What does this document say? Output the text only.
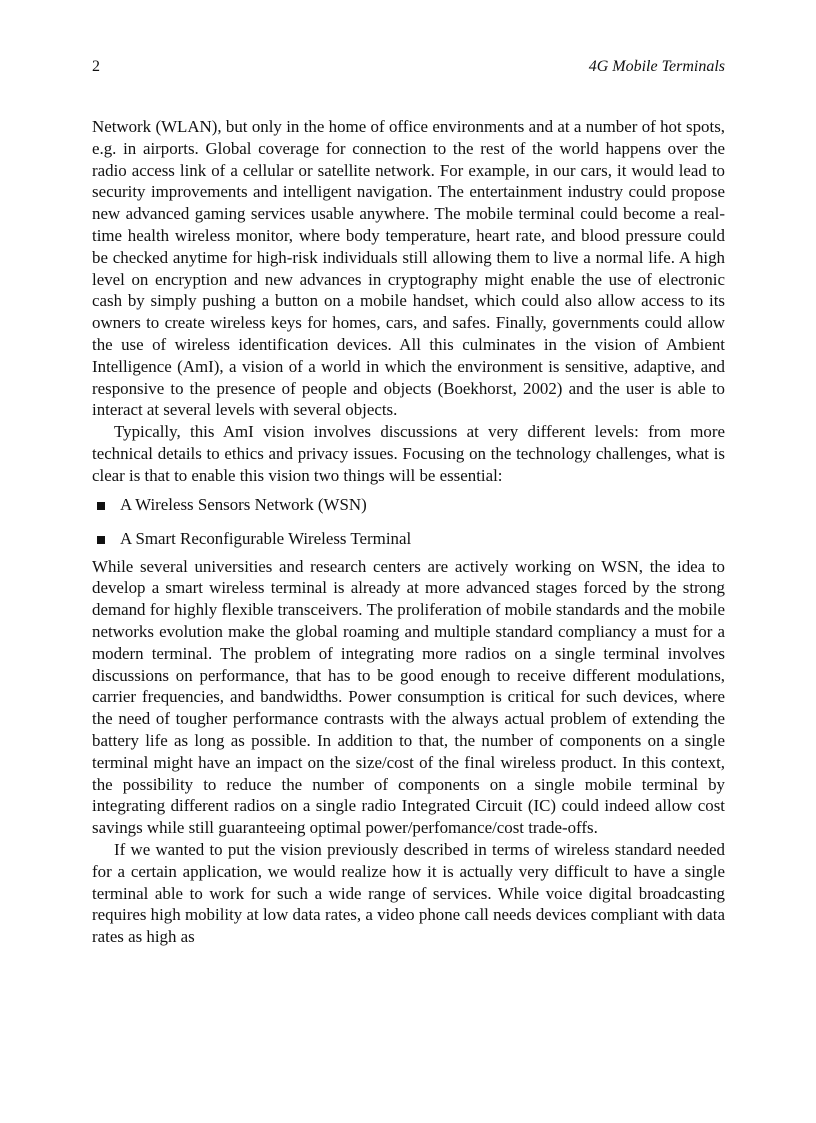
2	4G Mobile Terminals

Network (WLAN), but only in the home of office environments and at a number of hot spots, e.g. in airports. Global coverage for connection to the rest of the world happens over the radio access link of a cellular or satellite network. For example, in our cars, it would lead to security improvements and intelligent navigation. The entertainment industry could propose new advanced gaming services usable anywhere. The mobile terminal could become a real-time health wireless monitor, where body temperature, heart rate, and blood pressure could be checked anytime for high-risk individuals still allowing them to live a normal life. A high level on encryption and new advances in cryptography might enable the use of electronic cash by simply pushing a button on a mobile handset, which could also allow access to its owners to create wireless keys for homes, cars, and safes. Finally, governments could allow the use of wireless identification devices. All this culminates in the vision of Ambient Intelligence (AmI), a vision of a world in which the environment is sensitive, adaptive, and responsive to the presence of people and objects (Boekhorst, 2002) and the user is able to interact at several levels with several objects.

Typically, this AmI vision involves discussions at very different levels: from more technical details to ethics and privacy issues. Focusing on the technology challenges, what is clear is that to enable this vision two things will be essential:

A Wireless Sensors Network (WSN)
A Smart Reconfigurable Wireless Terminal

While several universities and research centers are actively working on WSN, the idea to develop a smart wireless terminal is already at more advanced stages forced by the strong demand for highly flexible transceivers. The proliferation of mobile standards and the mobile networks evolution make the global roaming and multiple standard compliancy a must for a modern terminal. The problem of integrating more radios on a single terminal involves discussions on performance, that has to be good enough to receive different modulations, carrier frequencies, and bandwidths. Power consumption is critical for such devices, where the need of tougher performance contrasts with the always actual problem of extending the battery life as long as possible. In addition to that, the number of components on a single terminal might have an impact on the size/cost of the final wireless product. In this context, the possibility to reduce the number of components on a single mobile terminal by integrating different radios on a single radio Integrated Circuit (IC) could indeed allow cost savings while still guaranteeing optimal power/perfomance/cost trade-offs.

If we wanted to put the vision previously described in terms of wireless standard needed for a certain application, we would realize how it is actually very difficult to have a single terminal able to work for such a wide range of services. While voice digital broadcasting requires high mobility at low data rates, a video phone call needs devices compliant with data rates as high as
